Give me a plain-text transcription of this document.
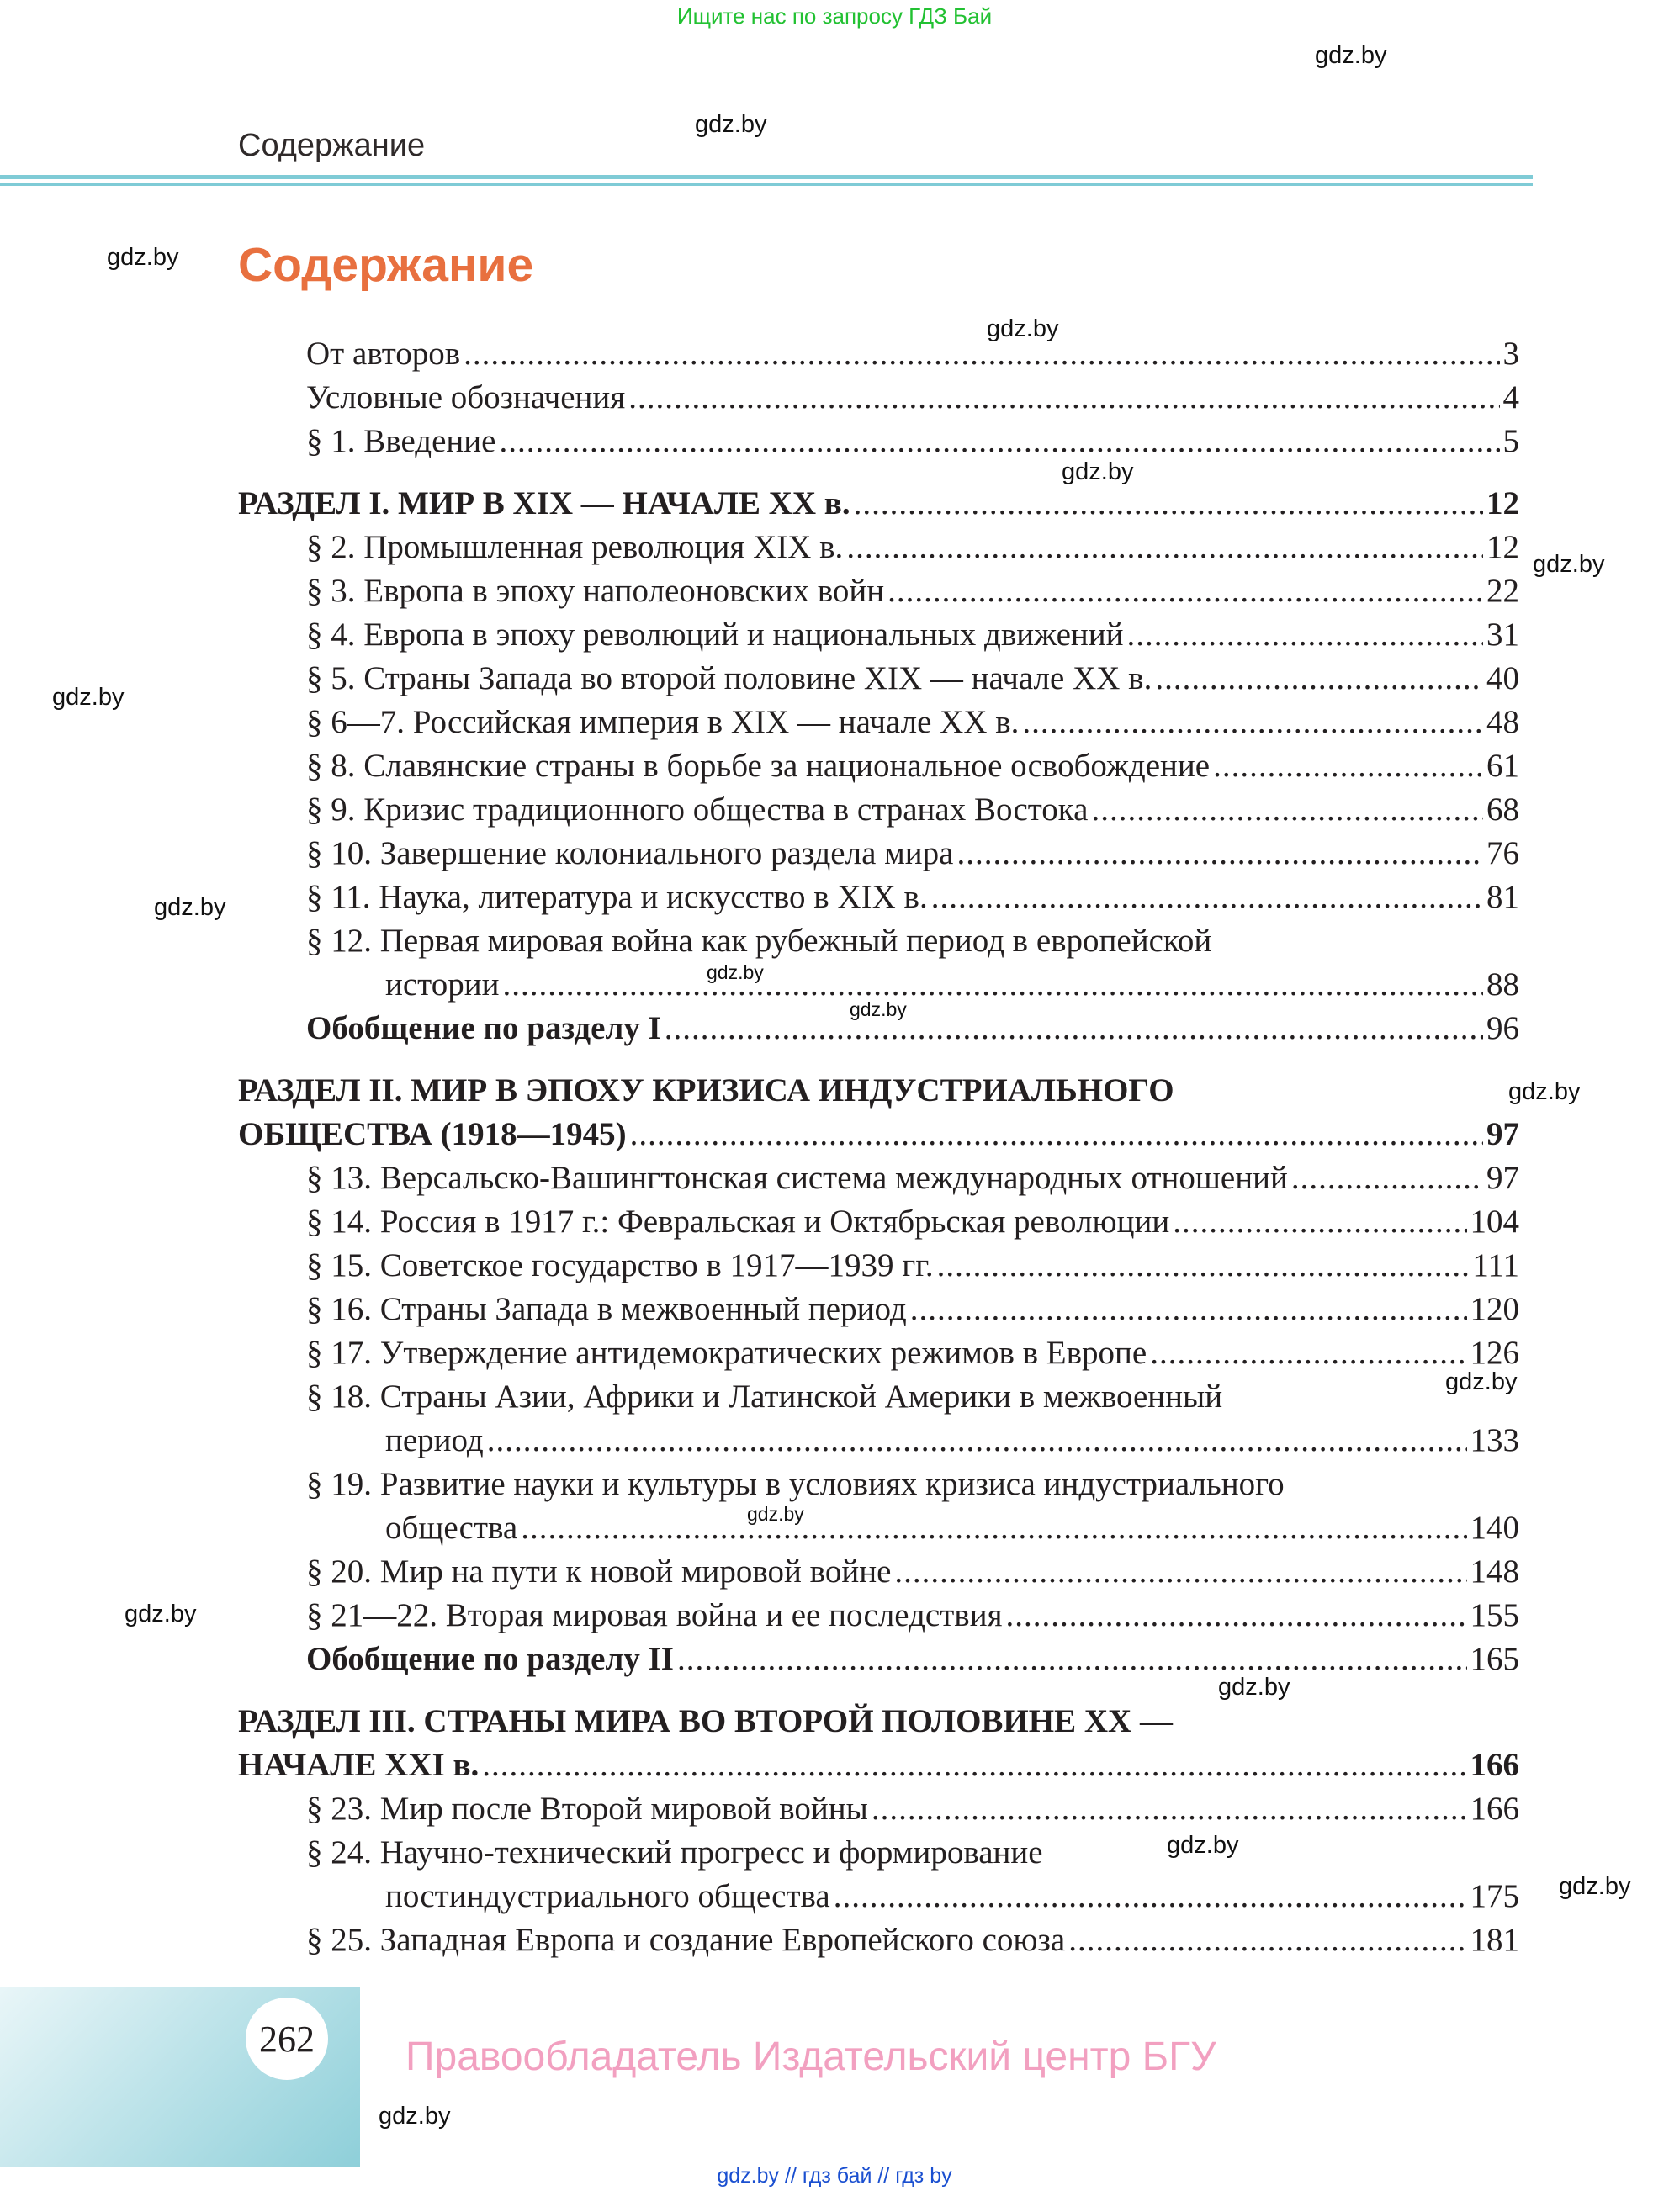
Ищите нас по запросу ГДЗ Бай
gdz.by
gdz.by
gdz.by
gdz.by
gdz.by
gdz.by
gdz.by
gdz.by
gdz.by
gdz.by
gdz.by
gdz.by
gdz.by
gdz.by
gdz.by
gdz.by
gdz.by
gdz.by
Содержание
Содержание
От авторов .....	3
Условные обозначения .....	4
§ 1. Введение .....	5
РАЗДЕЛ I. МИР В XIX — НАЧАЛЕ XX в. .....	12
§ 2. Промышленная революция XIX в. .....	12
§ 3. Европа в эпоху наполеоновских войн .....	22
§ 4. Европа в эпоху революций и национальных движений .....	31
§ 5. Страны Запада во второй половине XIX — начале XX в. .....	40
§ 6—7. Российская империя в XIX — начале XX в. .....	48
§ 8. Славянские страны в борьбе за национальное освобождение .....	61
§ 9. Кризис традиционного общества в странах Востока .....	68
§ 10. Завершение колониального раздела мира .....	76
§ 11. Наука, литература и искусство в XIX в. .....	81
§ 12. Первая мировая война как рубежный период в европейской
истории .....	88
Обобщение по разделу I .....	96
РАЗДЕЛ II. МИР В ЭПОХУ КРИЗИСА ИНДУСТРИАЛЬНОГО
ОБЩЕСТВА (1918—1945) .....	97
§ 13. Версальско-Вашингтонская система международных отношений .....	97
§ 14. Россия в 1917 г.: Февральская и Октябрьская революции .....	104
§ 15. Советское государство в 1917—1939 гг. .....	111
§ 16. Страны Запада в межвоенный период .....	120
§ 17. Утверждение антидемократических режимов в Европе .....	126
§ 18. Страны Азии, Африки и Латинской Америки в межвоенный
период .....	133
§ 19. Развитие науки и культуры в условиях кризиса индустриального
общества .....	140
§ 20. Мир на пути к новой мировой войне .....	148
§ 21—22. Вторая мировая война и ее последствия .....	155
Обобщение по разделу II .....	165
РАЗДЕЛ III. СТРАНЫ МИРА ВО ВТОРОЙ ПОЛОВИНЕ XX —
НАЧАЛЕ XXI в. .....	166
§ 23. Мир после Второй мировой войны .....	166
§ 24. Научно-технический прогресс и формирование
постиндустриального общества .....	175
§ 25. Западная Европа и создание Европейского союза .....	181
262	Правообладатель Издательский центр БГУ
gdz.by // гдз бай // гдз by
